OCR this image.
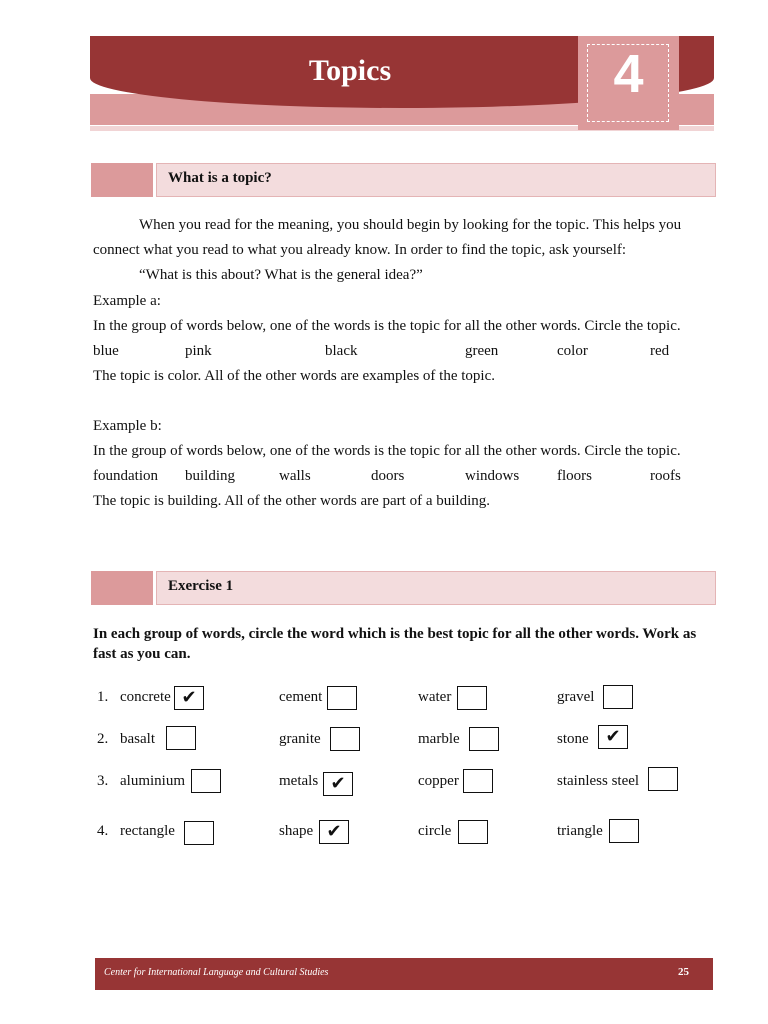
Topics	4
What is a topic?
When you read for the meaning, you should begin by looking for the topic. This helps you
connect what you read to what you already know. In order to find the topic, ask yourself:
“What is this about? What is the general idea?”
Example a:
In the group of words below, one of the words is the topic for all the other words. Circle the topic.
blue	pink	black	green	color	red
The topic is color. All of the other words are examples of the topic.
Example b:
In the group of words below, one of the words is the topic for all the other words. Circle the topic.
foundation building	walls	doors	windows	floors	roofs
The topic is building. All of the other words are part of a building.
Exercise 1
In each group of words, circle the word which is the best topic for all the other words. Work as fast as you can.
1. concrete ✔	cement	water	gravel
2. basalt	granite	marble	stone ✔
3. aluminium	metals ✔	copper	stainless steel
4. rectangle	shape ✔	circle	triangle
Center for International Language and Cultural Studies	25
